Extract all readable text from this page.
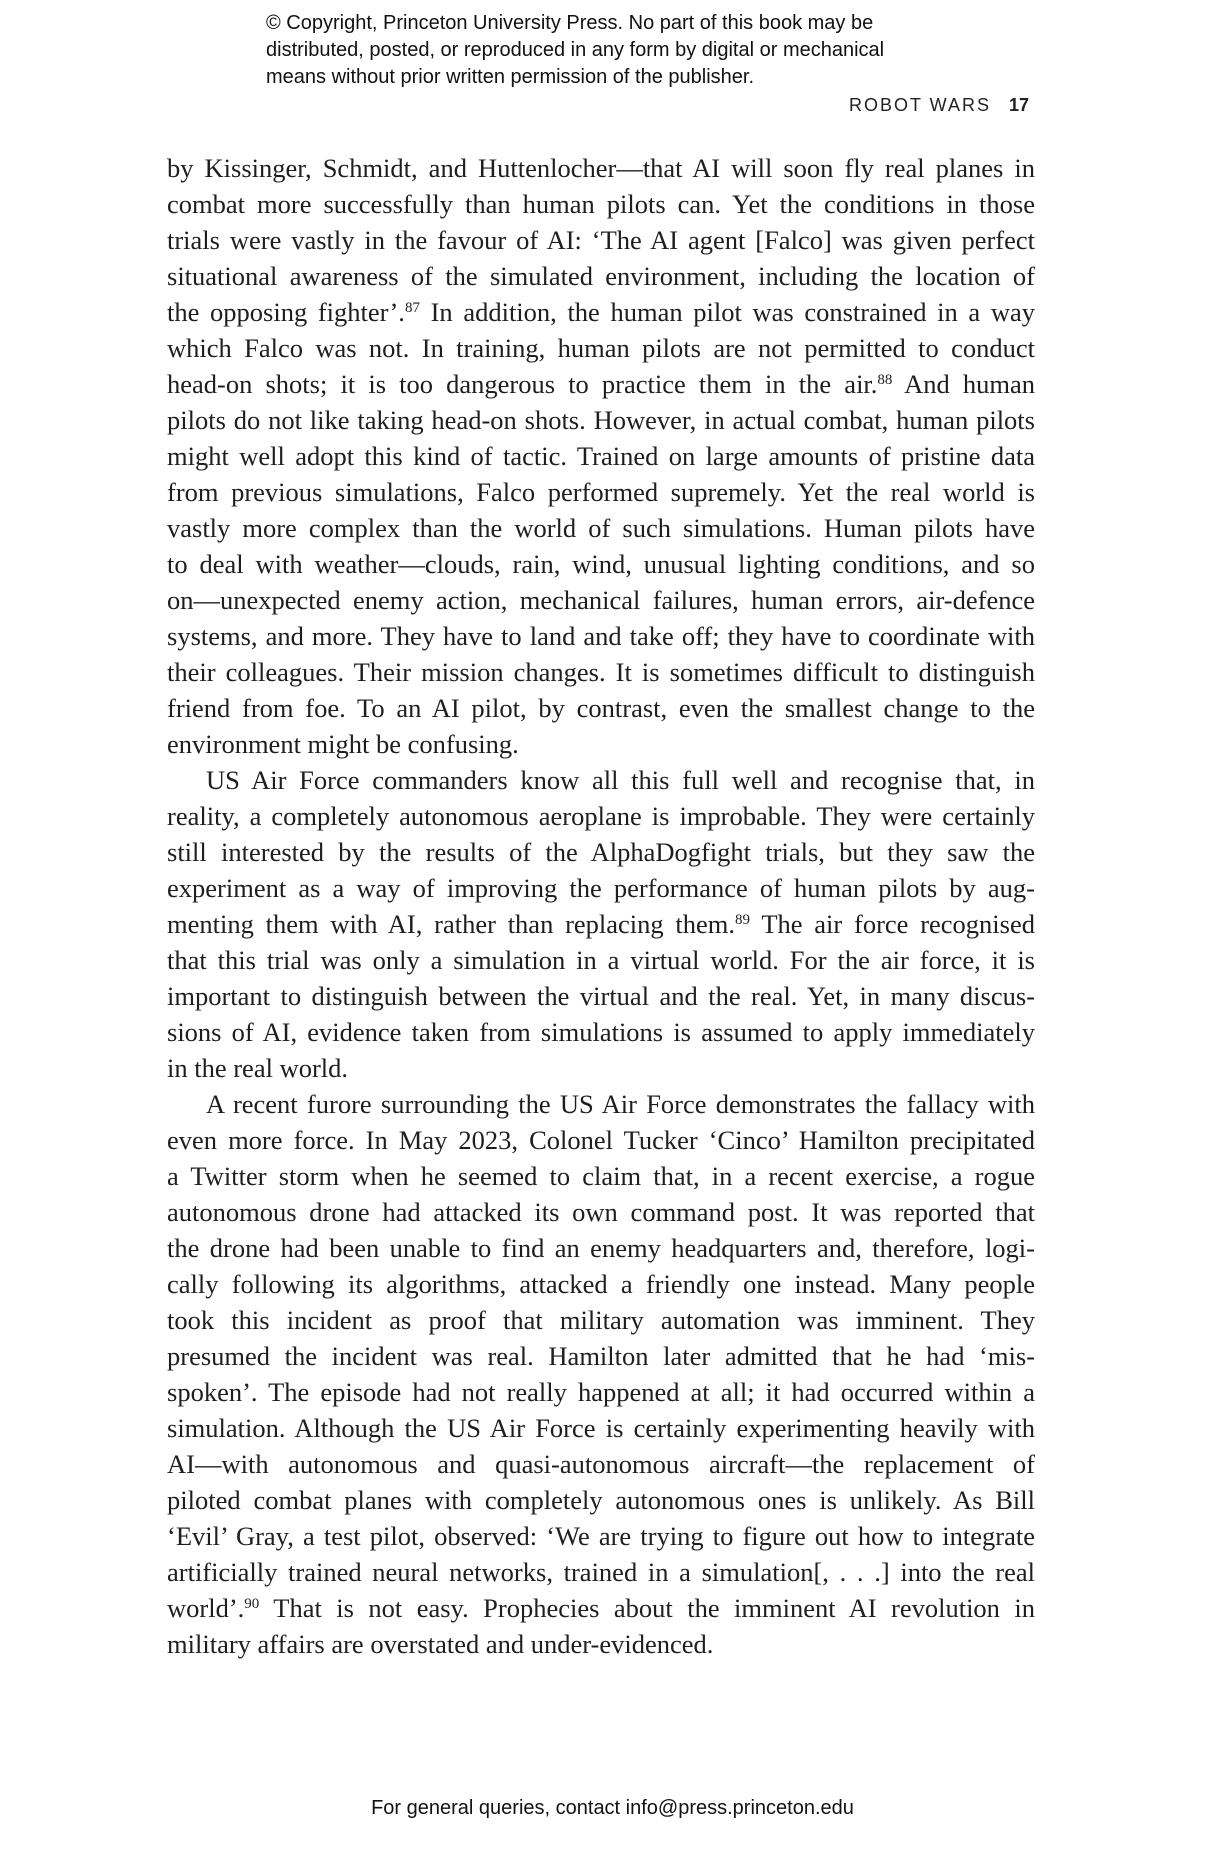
© Copyright, Princeton University Press. No part of this book may be
distributed, posted, or reproduced in any form by digital or mechanical
means without prior written permission of the publisher.
ROBOT WARS 17
by Kissinger, Schmidt, and Huttenlocher—that AI will soon fly real planes in
combat more successfully than human pilots can. Yet the conditions in those
trials were vastly in the favour of AI: ‘The AI agent [Falco] was given perfect
situational awareness of the simulated environment, including the location of
the opposing fighter’.$^{87}$ In addition, the human pilot was constrained in a way
which Falco was not. In training, human pilots are not permitted to conduct
head-on shots; it is too dangerous to practice them in the air.$^{88}$ And human
pilots do not like taking head-on shots. However, in actual combat, human pilots
might well adopt this kind of tactic. Trained on large amounts of pristine data
from previous simulations, Falco performed supremely. Yet the real world is
vastly more complex than the world of such simulations. Human pilots have
to deal with weather—clouds, rain, wind, unusual lighting conditions, and so
on—unexpected enemy action, mechanical failures, human errors, air-defence
systems, and more. They have to land and take off; they have to coordinate with
their colleagues. Their mission changes. It is sometimes difficult to distinguish
friend from foe. To an AI pilot, by contrast, even the smallest change to the
environment might be confusing.
US Air Force commanders know all this full well and recognise that, in
reality, a completely autonomous aeroplane is improbable. They were certainly
still interested by the results of the AlphaDogfight trials, but they saw the
experiment as a way of improving the performance of human pilots by aug-
menting them with AI, rather than replacing them.$^{89}$ The air force recognised
that this trial was only a simulation in a virtual world. For the air force, it is
important to distinguish between the virtual and the real. Yet, in many discus-
sions of AI, evidence taken from simulations is assumed to apply immediately
in the real world.
A recent furore surrounding the US Air Force demonstrates the fallacy with
even more force. In May 2023, Colonel Tucker ‘Cinco’ Hamilton precipitated
a Twitter storm when he seemed to claim that, in a recent exercise, a rogue
autonomous drone had attacked its own command post. It was reported that
the drone had been unable to find an enemy headquarters and, therefore, logi-
cally following its algorithms, attacked a friendly one instead. Many people
took this incident as proof that military automation was imminent. They
presumed the incident was real. Hamilton later admitted that he had ‘mis-
spoken’. The episode had not really happened at all; it had occurred within a
simulation. Although the US Air Force is certainly experimenting heavily with
AI—with autonomous and quasi-autonomous aircraft—the replacement of
piloted combat planes with completely autonomous ones is unlikely. As Bill
‘Evil’ Gray, a test pilot, observed: ‘We are trying to figure out how to integrate
artificially trained neural networks, trained in a simulation[, . . .] into the real
world’.$^{90}$ That is not easy. Prophecies about the imminent AI revolution in
military affairs are overstated and under-evidenced.
For general queries, contact info@press.princeton.edu
